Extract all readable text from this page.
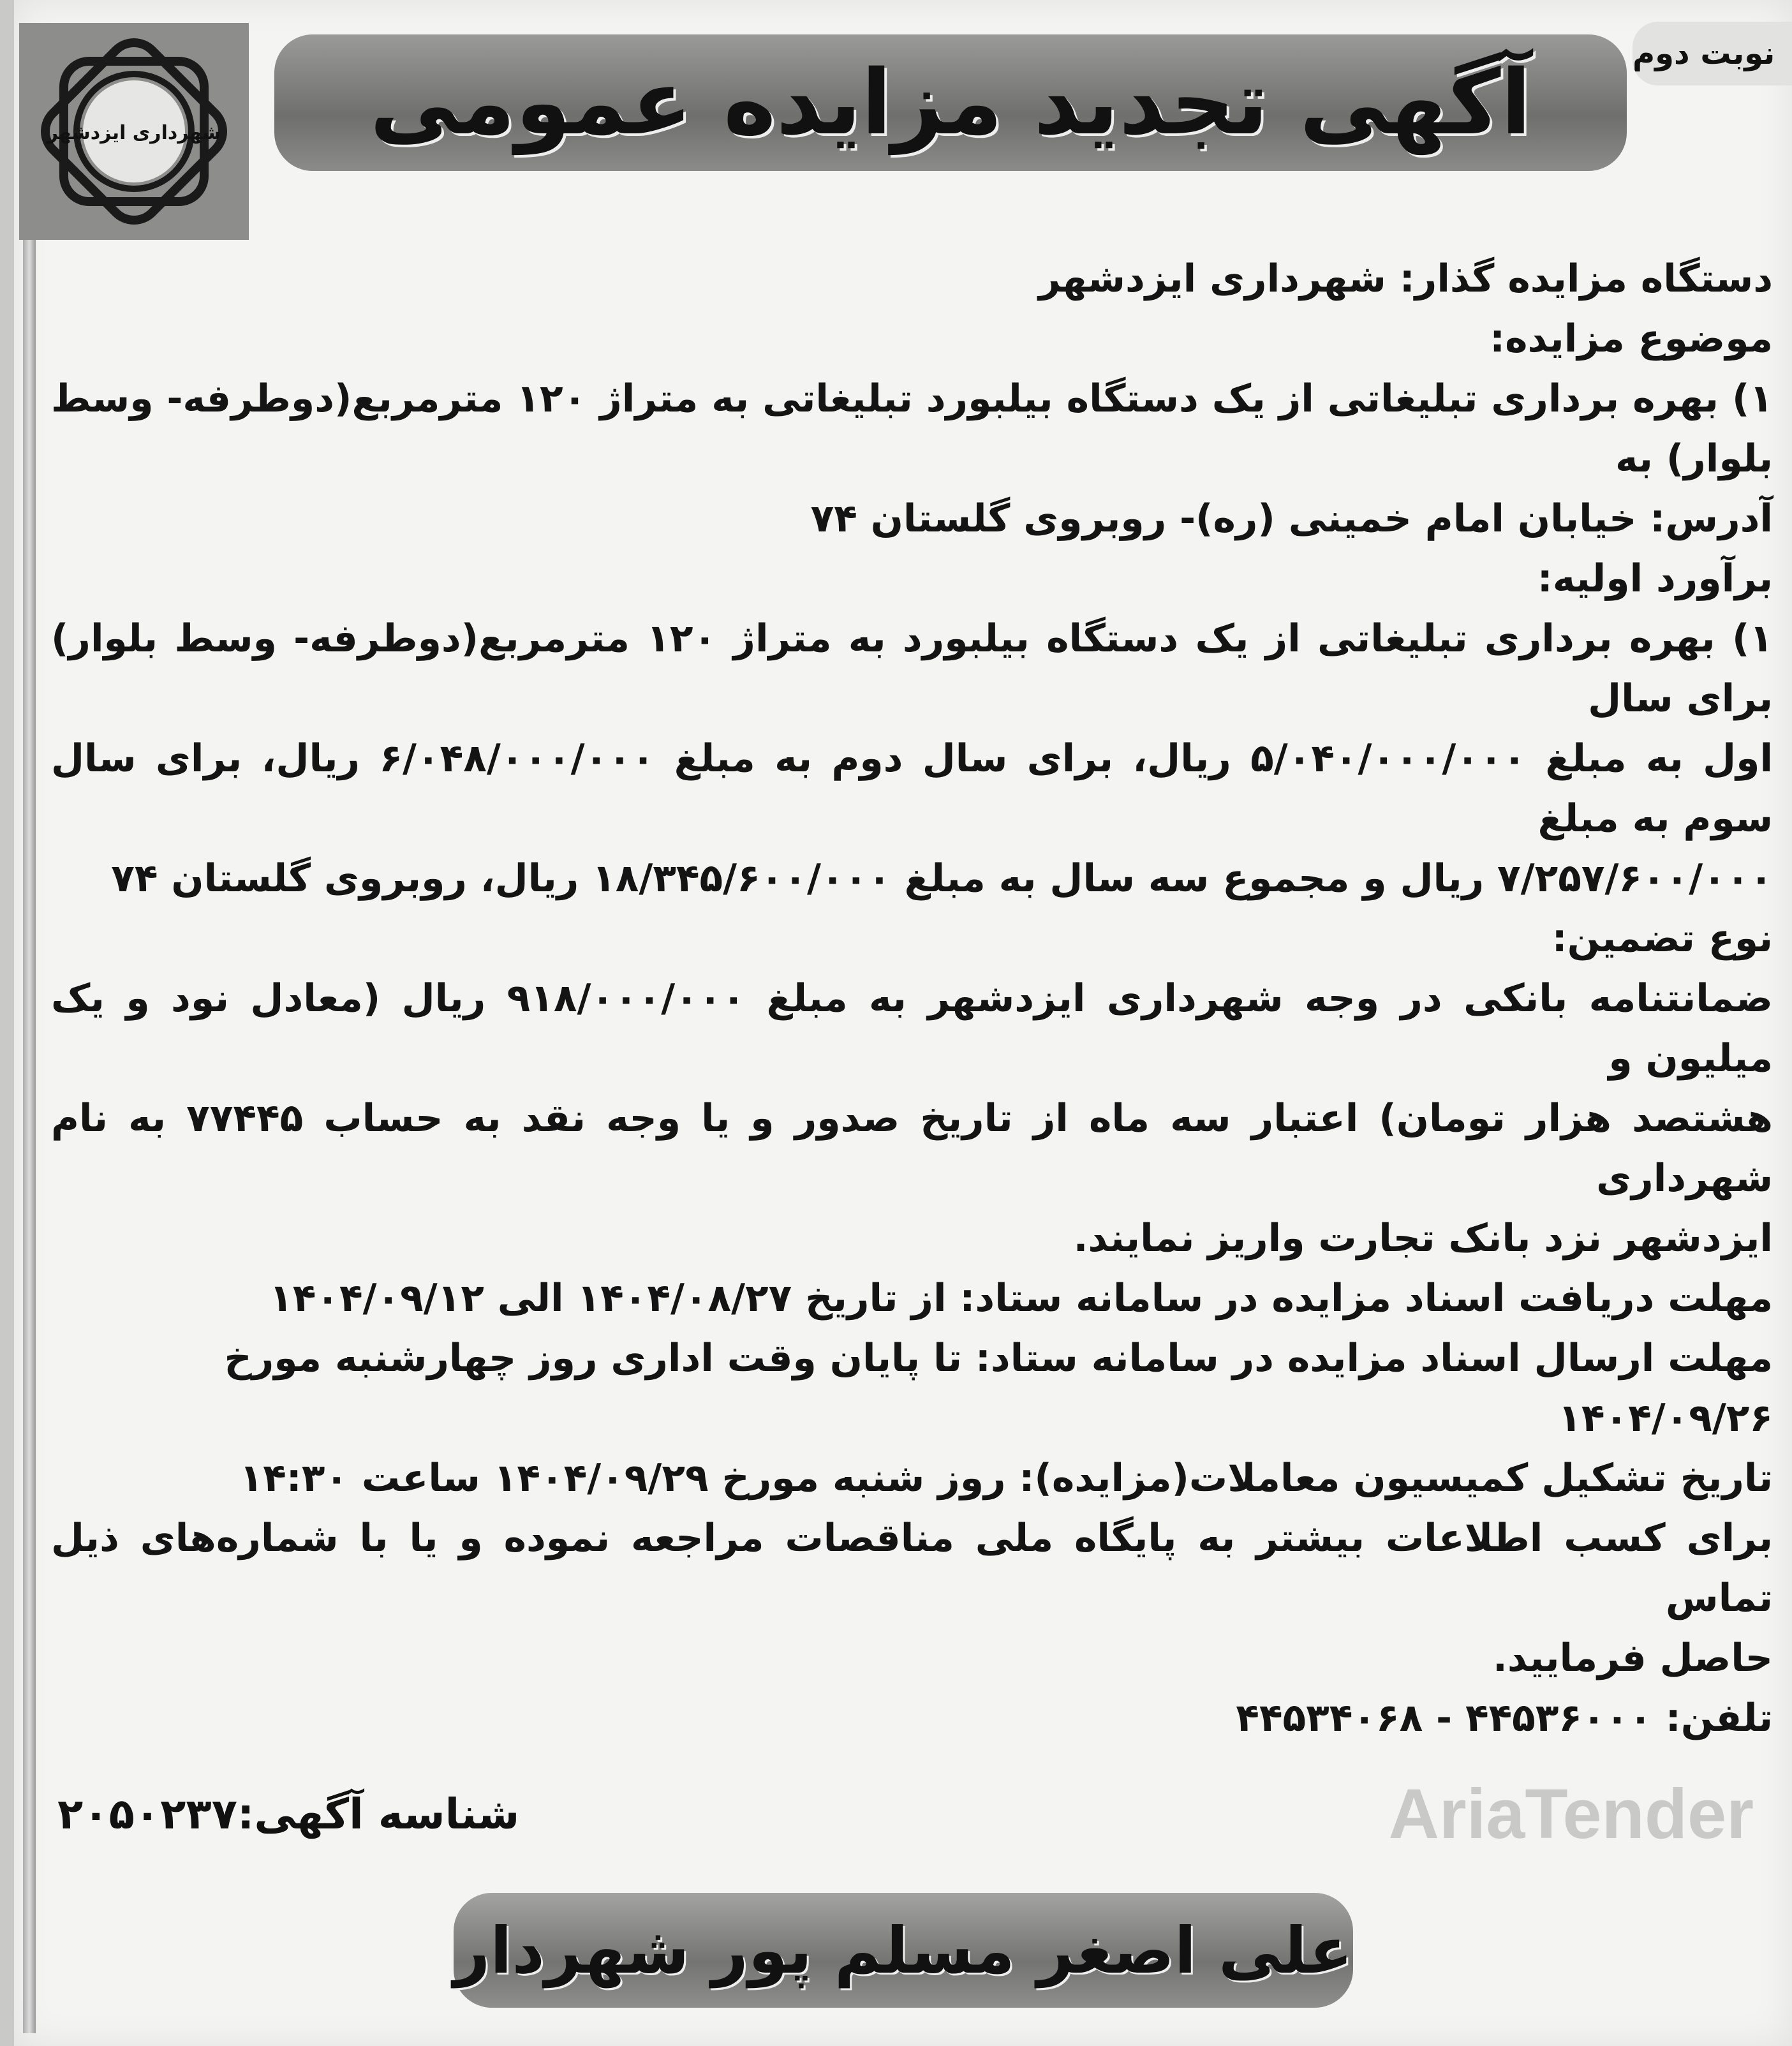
شهرداری ایزدشهر
نوبت دوم
آگهی تجدید مزایده عمومی
دستگاه مزایده گذار: شهرداری ایزدشهر
موضوع مزایده:
۱) بهره برداری تبلیغاتی از یک دستگاه بیلبورد تبلیغاتی به متراژ ۱۲۰ مترمربع(دوطرفه- وسط بلوار) به
آدرس: خیابان امام خمینی (ره)- روبروی گلستان ۷۴
برآورد اولیه:
۱) بهره برداری تبلیغاتی از یک دستگاه بیلبورد به متراژ ۱۲۰ مترمربع(دوطرفه- وسط بلوار) برای سال
اول به مبلغ ۵/۰۴۰/۰۰۰/۰۰۰ ریال، برای سال دوم به مبلغ ۶/۰۴۸/۰۰۰/۰۰۰ ریال، برای سال سوم به مبلغ
۷/۲۵۷/۶۰۰/۰۰۰ ریال و مجموع سه سال به مبلغ ۱۸/۳۴۵/۶۰۰/۰۰۰ ریال، روبروی گلستان ۷۴
نوع تضمین:
ضمانتنامه بانکی در وجه شهرداری ایزدشهر به مبلغ ۹۱۸/۰۰۰/۰۰۰ ریال (معادل نود و یک میلیون و
هشتصد هزار تومان) اعتبار سه ماه از تاریخ صدور و یا وجه نقد به حساب ۷۷۴۴۵ به نام شهرداری
ایزدشهر نزد بانک تجارت واریز نمایند.
مهلت دریافت اسناد مزایده در سامانه ستاد: از تاریخ ۱۴۰۴/۰۸/۲۷ الی ۱۴۰۴/۰۹/۱۲
مهلت ارسال اسناد مزایده در سامانه ستاد: تا پایان وقت اداری روز چهارشنبه مورخ ۱۴۰۴/۰۹/۲۶
تاریخ تشکیل کمیسیون معاملات(مزایده): روز شنبه مورخ ۱۴۰۴/۰۹/۲۹ ساعت ۱۴:۳۰
برای کسب اطلاعات بیشتر به پایگاه ملی مناقصات مراجعه نموده و یا با شماره‌های ذیل تماس
حاصل فرمایید.
تلفن: ۴۴۵۳۶۰۰۰ - ۴۴۵۳۴۰۶۸
شناسه آگهی:۲۰۵۰۲۳۷	AriaTender
علی اصغر مسلم پور شهردار
